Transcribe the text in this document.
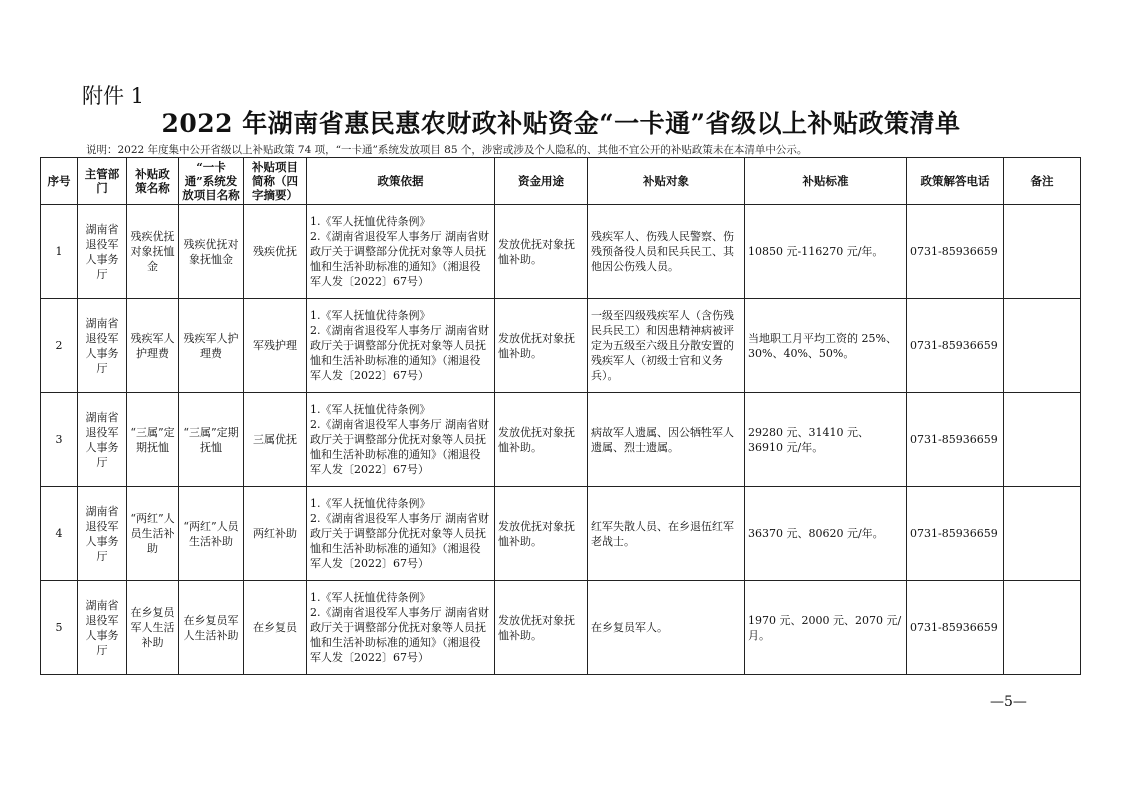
附件 1
2022 年湖南省惠民惠农财政补贴资金“一卡通”省级以上补贴政策清单
说明：2022 年度集中公开省级以上补贴政策 74 项，“一卡通”系统发放项目 85 个，涉密或涉及个人隐私的、其他不宜公开的补贴政策未在本清单中公示。
序号	主管部门	补贴政策名称	“一卡通”系统发放项目名称	补贴项目简称（四字摘要）	政策依据	资金用途	补贴对象	补贴标准	政策解答电话	备注
1	湖南省退役军人事务厅	残疾优抚对象抚恤金	残疾优抚对象抚恤金	残疾优抚	1.《军人抚恤优待条例》
2.《湖南省退役军人事务厅 湖南省财政厅关于调整部分优抚对象等人员抚恤和生活补助标准的通知》（湘退役军人发〔2022〕67号）	发放优抚对象抚恤补助。	残疾军人、伤残人民警察、伤残预备役人员和民兵民工、其他因公伤残人员。	10850 元-116270 元/年。	0731-85936659	
2	湖南省退役军人事务厅	残疾军人护理费	残疾军人护理费	军残护理	1.《军人抚恤优待条例》
2.《湖南省退役军人事务厅 湖南省财政厅关于调整部分优抚对象等人员抚恤和生活补助标准的通知》（湘退役军人发〔2022〕67号）	发放优抚对象抚恤补助。	一级至四级残疾军人（含伤残民兵民工）和因患精神病被评定为五级至六级且分散安置的残疾军人（初级士官和义务兵）。	当地职工月平均工资的 25%、30%、40%、50%。	0731-85936659	
3	湖南省退役军人事务厅	“三属”定期抚恤	“三属”定期抚恤	三属优抚	1.《军人抚恤优待条例》
2.《湖南省退役军人事务厅 湖南省财政厅关于调整部分优抚对象等人员抚恤和生活补助标准的通知》（湘退役军人发〔2022〕67号）	发放优抚对象抚恤补助。	病故军人遗属、因公牺牲军人遗属、烈士遗属。	29280 元、31410 元、36910 元/年。	0731-85936659	
4	湖南省退役军人事务厅	“两红”人员生活补助	“两红”人员生活补助	两红补助	1.《军人抚恤优待条例》
2.《湖南省退役军人事务厅 湖南省财政厅关于调整部分优抚对象等人员抚恤和生活补助标准的通知》（湘退役军人发〔2022〕67号）	发放优抚对象抚恤补助。	红军失散人员、在乡退伍红军老战士。	36370 元、80620 元/年。	0731-85936659	
5	湖南省退役军人事务厅	在乡复员军人生活补助	在乡复员军人生活补助	在乡复员	1.《军人抚恤优待条例》
2.《湖南省退役军人事务厅 湖南省财政厅关于调整部分优抚对象等人员抚恤和生活补助标准的通知》（湘退役军人发〔2022〕67号）	发放优抚对象抚恤补助。	在乡复员军人。	1970 元、2000 元、2070 元/月。	0731-85936659	
—5—
